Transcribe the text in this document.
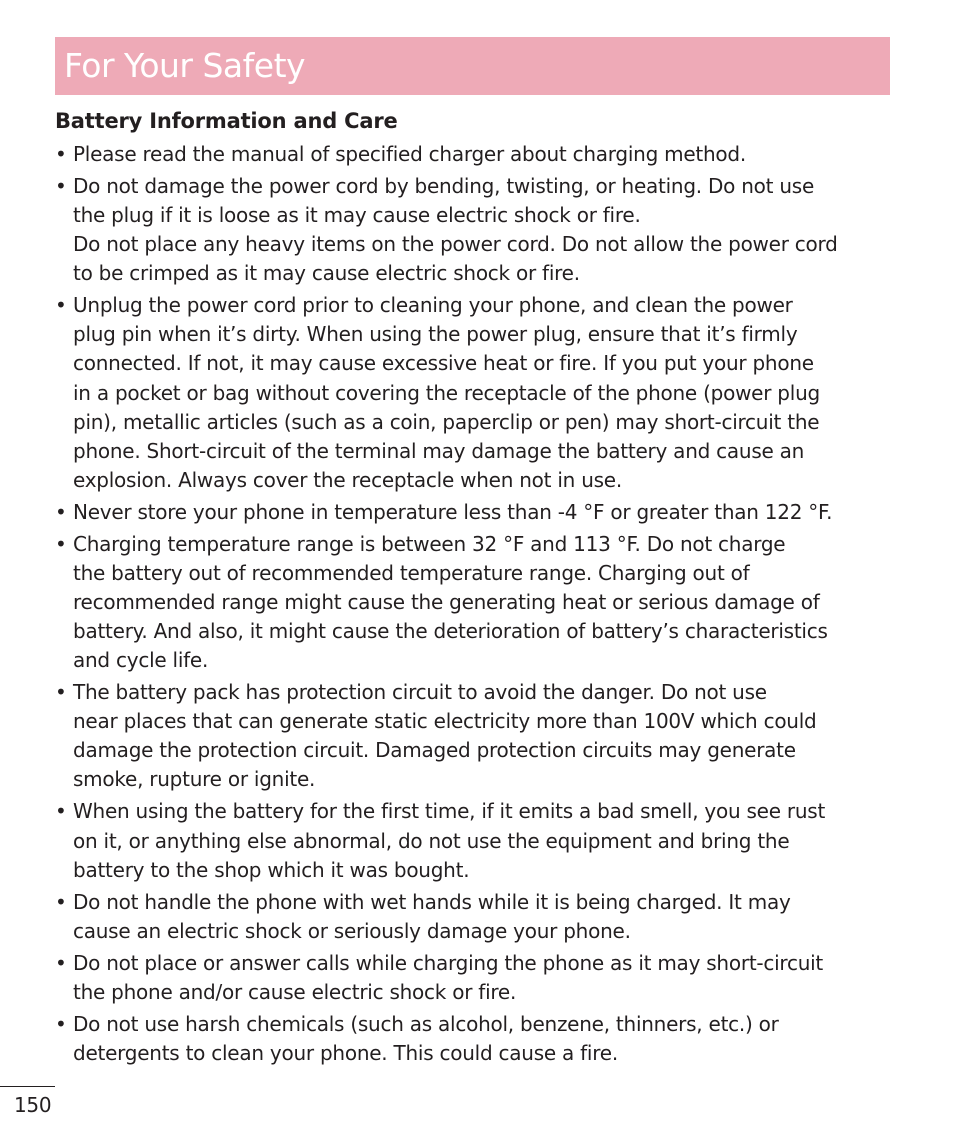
For Your Safety
Battery Information and Care
• Please read the manual of specified charger about charging method.

• Do not damage the power cord by bending, twisting, or heating. Do not use

the plug if it is loose as it may cause electric shock or fire.

Do not place any heavy items on the power cord. Do not allow the power cord

to be crimped as it may cause electric shock or fire.

• Unplug the power cord prior to cleaning your phone, and clean the power

plug pin when it’s dirty. When using the power plug, ensure that it’s firmly

connected. If not, it may cause excessive heat or fire. If you put your phone

in a pocket or bag without covering the receptacle of the phone (power plug

pin), metallic articles (such as a coin, paperclip or pen) may short-circuit the

phone. Short-circuit of the terminal may damage the battery and cause an

explosion. Always cover the receptacle when not in use.

• Never store your phone in temperature less than -4 °F or greater than 122 °F.

• Charging temperature range is between 32 °F and 113 °F. Do not charge

the battery out of recommended temperature range. Charging out of

recommended range might cause the generating heat or serious damage of

battery. And also, it might cause the deterioration of battery’s characteristics

and cycle life.

• The battery pack has protection circuit to avoid the danger. Do not use

near places that can generate static electricity more than 100V which could

damage the protection circuit. Damaged protection circuits may generate

smoke, rupture or ignite.

• When using the battery for the first time, if it emits a bad smell, you see rust

on it, or anything else abnormal, do not use the equipment and bring the

battery to the shop which it was bought.

• Do not handle the phone with wet hands while it is being charged. It may

cause an electric shock or seriously damage your phone.

• Do not place or answer calls while charging the phone as it may short-circuit

the phone and/or cause electric shock or fire.

• Do not use harsh chemicals (such as alcohol, benzene, thinners, etc.) or

detergents to clean your phone. This could cause a fire.

150
